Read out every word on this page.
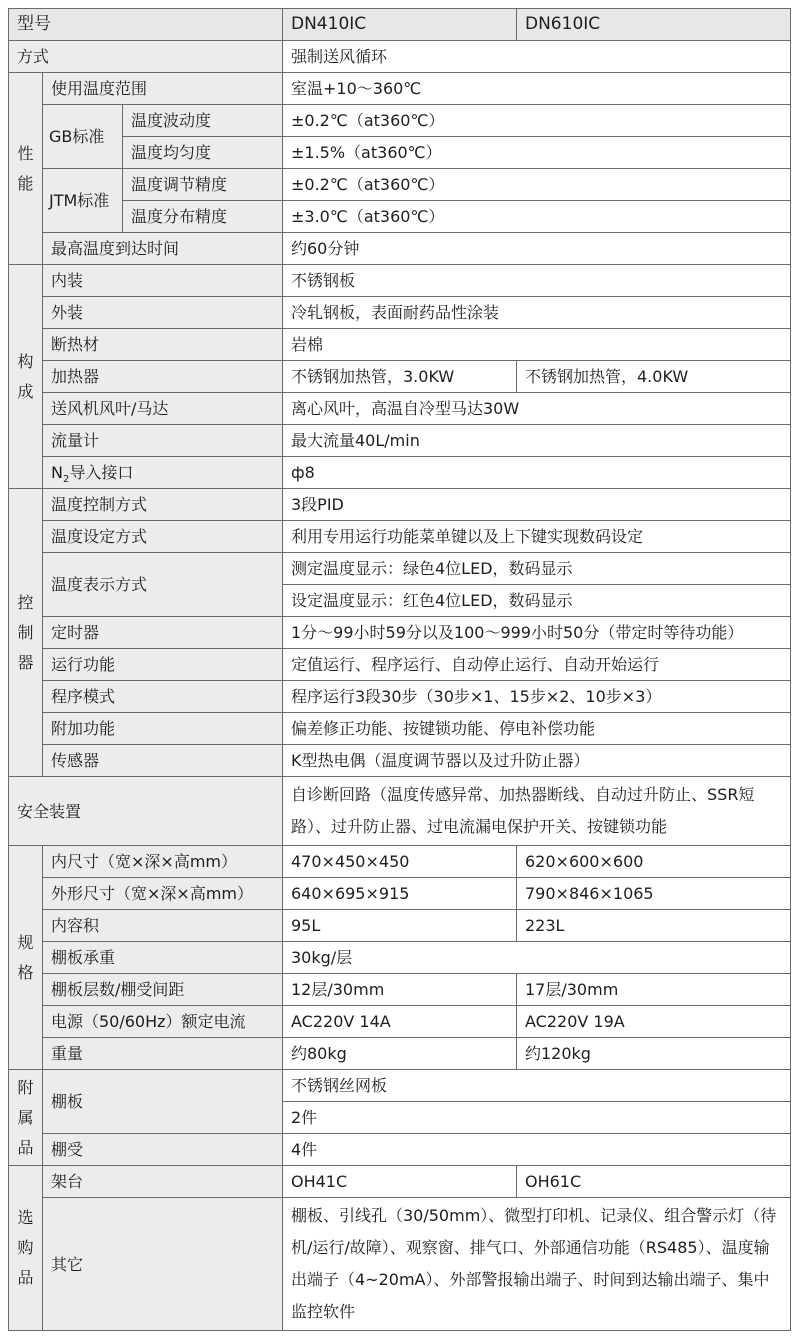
型号			DN410IC	DN610IC
方式			强制送风循环	

性能	使用温度范围		室温+10～360℃	
	GB标准	温度波动度	±0.2℃（at360℃）	
		温度均匀度	±1.5%（at360℃）	
	JTM标准	温度调节精度	±0.2℃（at360℃）	
		温度分布精度	±3.0℃（at360℃）	
	最高温度到达时间		约60分钟	

构成	内装		不锈钢板	
	外装		冷轧钢板，表面耐药品性涂装	
	断热材		岩棉	
	加热器		不锈钢加热管，3.0KW	不锈钢加热管，4.0KW
	送风机风叶/马达		离心风叶，高温自冷型马达30W	
	流量计		最大流量40L/min	
	$N_2$导入接口		ф8	

控制器	温度控制方式		3段PID	
	温度设定方式		利用专用运行功能菜单键以及上下键实现数码设定	
	温度表示方式		测定温度显示：绿色4位LED，数码显示	
			设定温度显示：红色4位LED，数码显示	
	定时器		1分～99小时59分以及100～999小时50分（带定时等待功能）	
	运行功能		定值运行、程序运行、自动停止运行、自动开始运行	
	程序模式		程序运行3段30步（30步×1、15步×2、10步×3）	
	附加功能		偏差修正功能、按键锁功能、停电补偿功能	
	传感器		K型热电偶（温度调节器以及过升防止器）	
安全装置			自诊断回路（温度传感异常、加热器断线、自动过升防止、SSR短路）、过升防止器、过电流漏电保护开关、按键锁功能	

规格	内尺寸（宽×深×高mm）		470×450×450	620×600×600
	外形尺寸（宽×深×高mm）		640×695×915	790×846×1065
	内容积		95L	223L
	棚板承重		30kg/层	
	棚板层数/棚受间距		12层/30mm	17层/30mm
	电源（50/60Hz）额定电流		AC220V 14A	AC220V 19A
	重量		约80kg	约120kg

附属品	棚板		不锈钢丝网板	
			2件	
	棚受		4件	

选购品	架台		OH41C	OH61C
	其它		棚板、引线孔（30/50mm）、微型打印机、记录仪、组合警示灯（待机/运行/故障）、观察窗、排气口、外部通信功能（RS485）、温度输出端子（4~20mA）、外部警报输出端子、时间到达输出端子、集中监控软件	
